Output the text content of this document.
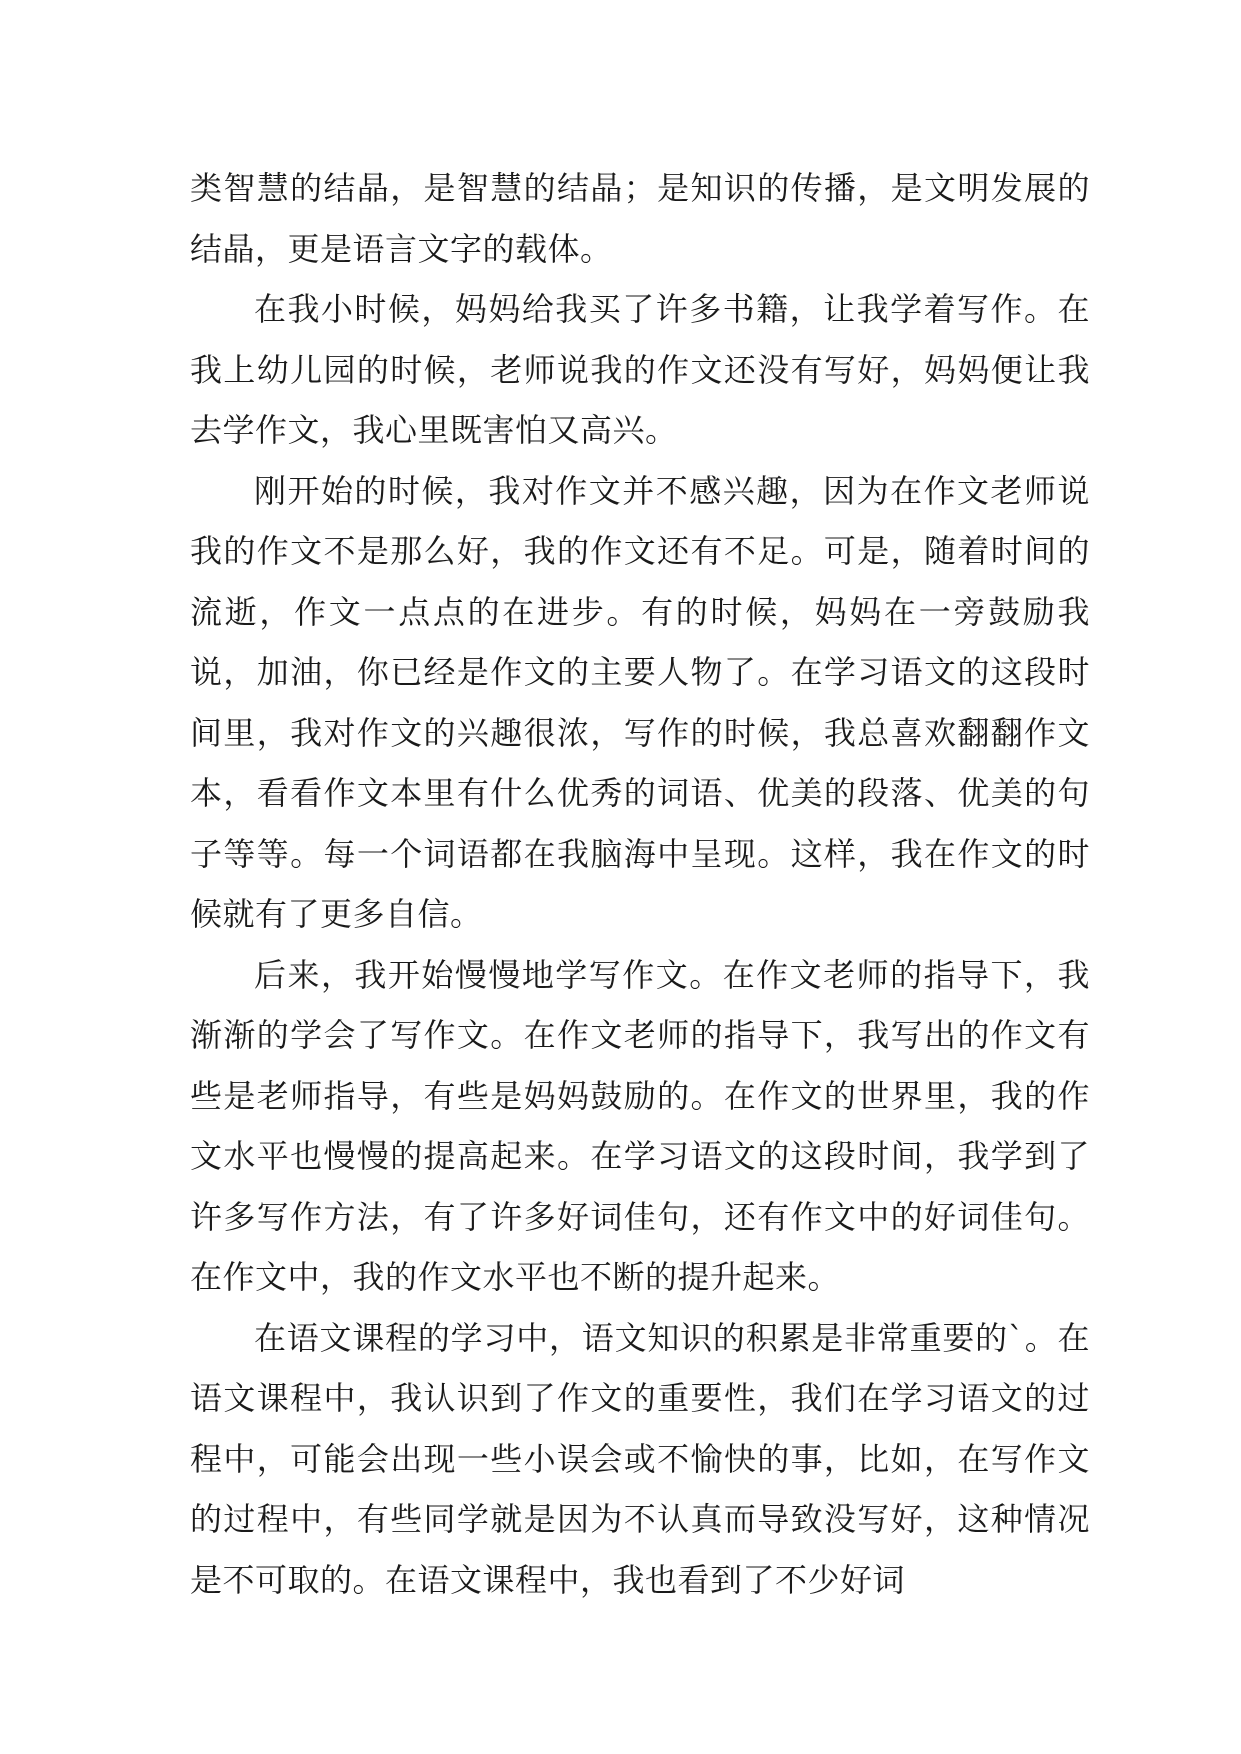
类智慧的结晶，是智慧的结晶；是知识的传播，是文明发展的结晶，更是语言文字的载体。

在我小时候，妈妈给我买了许多书籍，让我学着写作。在我上幼儿园的时候，老师说我的作文还没有写好，妈妈便让我去学作文，我心里既害怕又高兴。

刚开始的时候，我对作文并不感兴趣，因为在作文老师说我的作文不是那么好，我的作文还有不足。可是，随着时间的流逝，作文一点点的在进步。有的时候，妈妈在一旁鼓励我说，加油，你已经是作文的主要人物了。在学习语文的这段时间里，我对作文的兴趣很浓，写作的时候，我总喜欢翻翻作文本，看看作文本里有什么优秀的词语、优美的段落、优美的句子等等。每一个词语都在我脑海中呈现。这样，我在作文的时候就有了更多自信。

后来，我开始慢慢地学写作文。在作文老师的指导下，我渐渐的学会了写作文。在作文老师的指导下，我写出的作文有些是老师指导，有些是妈妈鼓励的。在作文的世界里，我的作文水平也慢慢的提高起来。在学习语文的这段时间，我学到了许多写作方法，有了许多好词佳句，还有作文中的好词佳句。在作文中，我的作文水平也不断的提升起来。

在语文课程的学习中，语文知识的积累是非常重要的`。在语文课程中，我认识到了作文的重要性，我们在学习语文的过程中，可能会出现一些小误会或不愉快的事，比如，在写作文的过程中，有些同学就是因为不认真而导致没写好，这种情况是不可取的。在语文课程中，我也看到了不少好词
